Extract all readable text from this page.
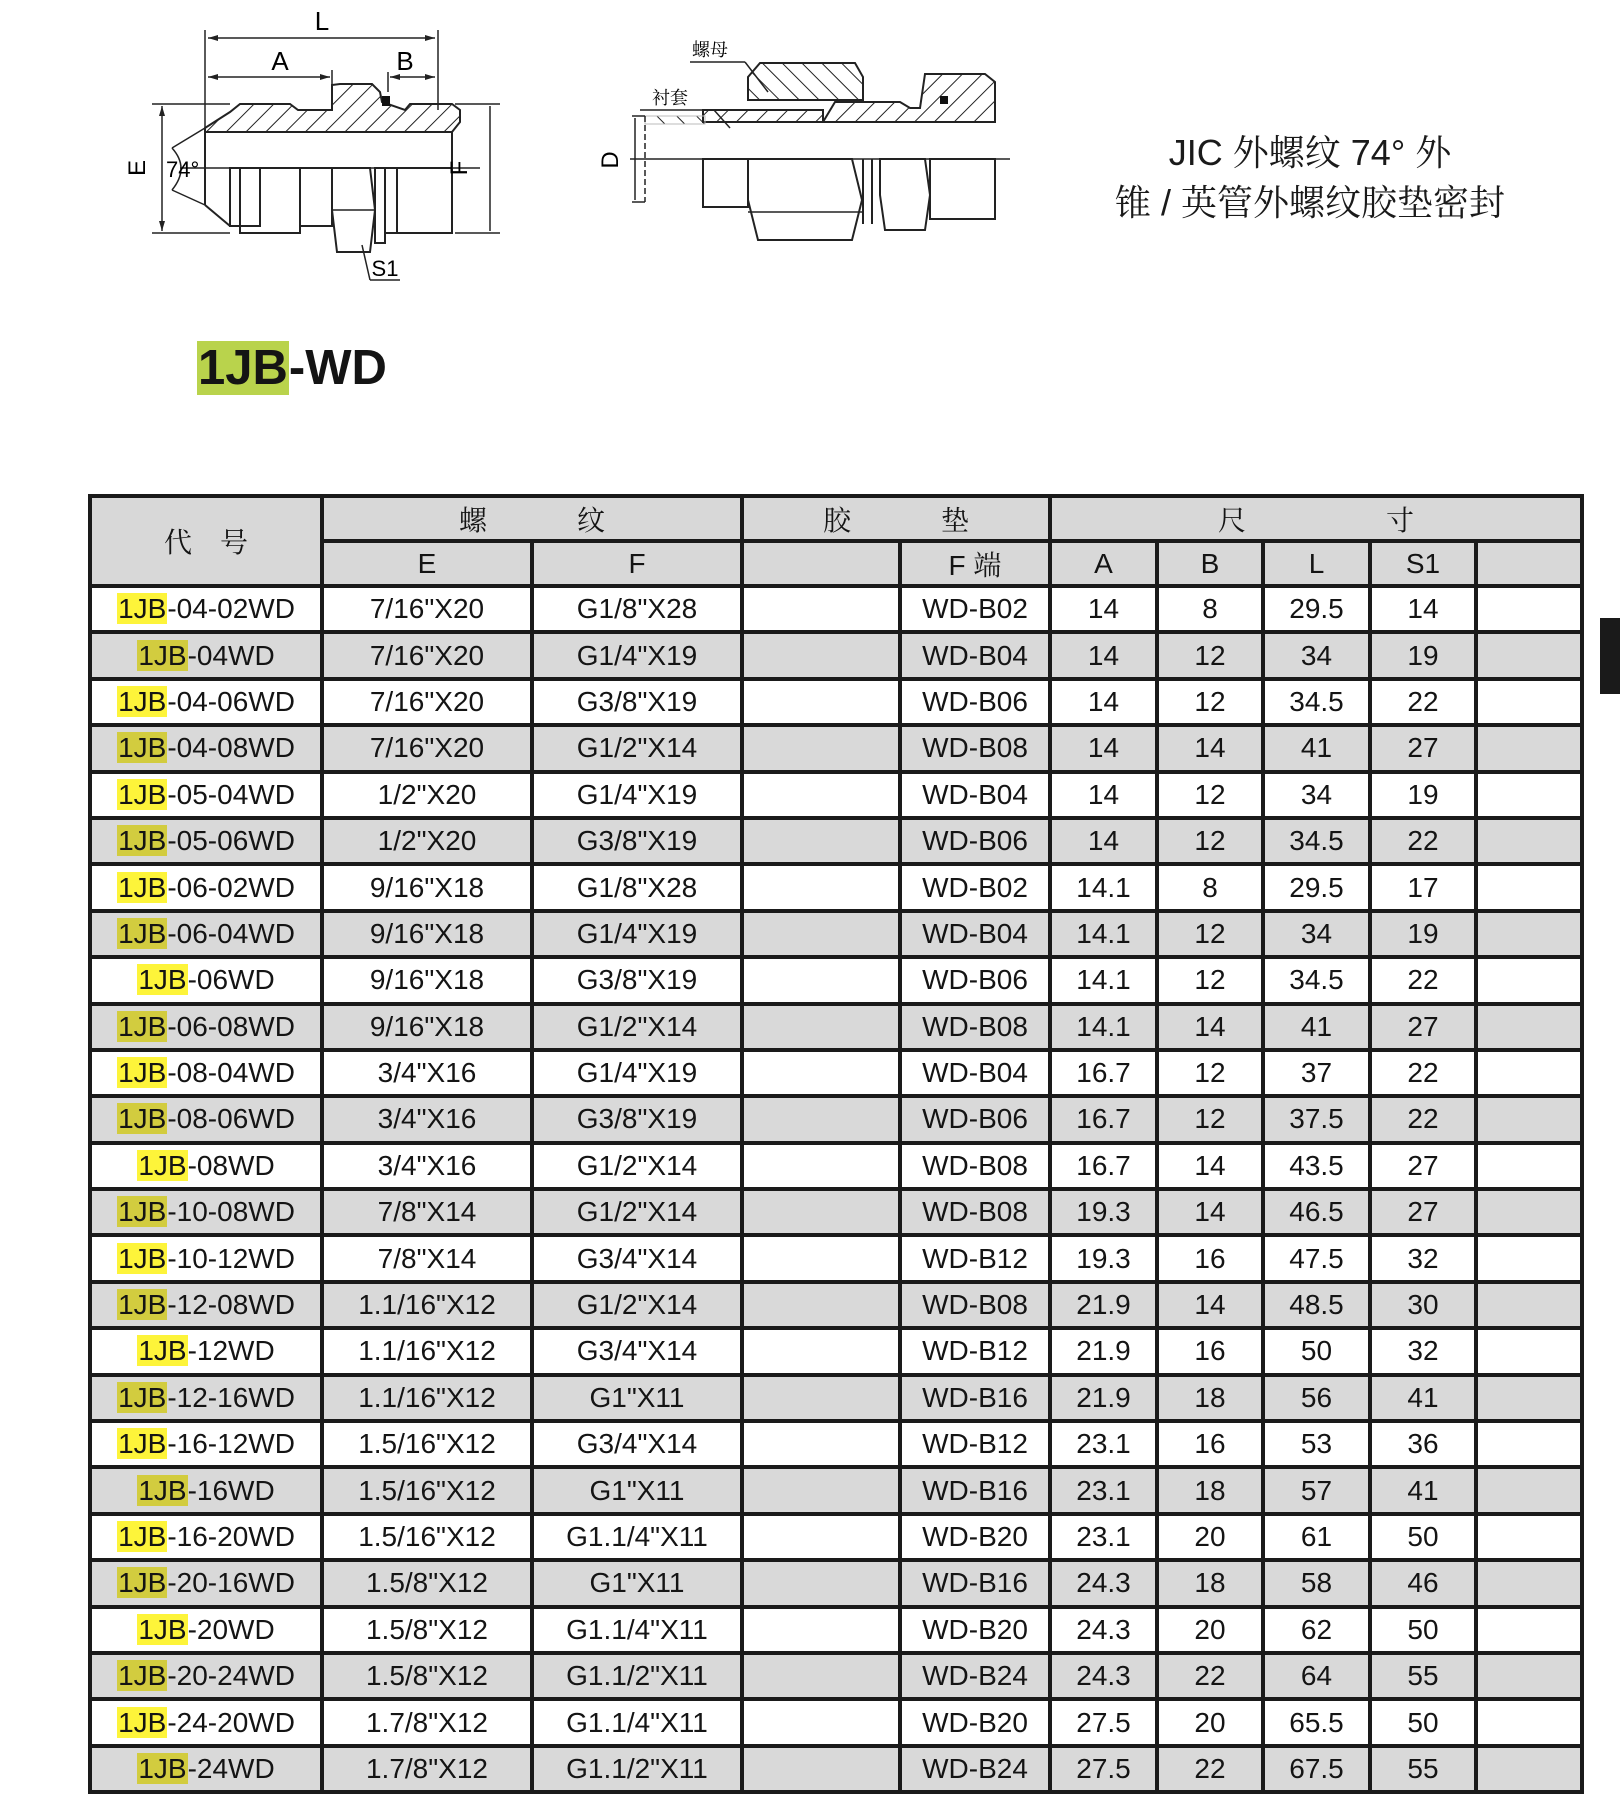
L
A	B
E	F
74°
S1
螺母
衬套
D	JIC 外螺纹 74° 外
锥 / 英管外螺纹胶垫密封
1JB-WD
代　号	螺 纹		胶 垫		尺 寸				
	E	F		F 端	A	B	L	S1	
1JB-04-02WD	7/16"X20	G1/8"X28		WD-B02	14	8	29.5	14	
1JB-04WD	7/16"X20	G1/4"X19		WD-B04	14	12	34	19	
1JB-04-06WD	7/16"X20	G3/8"X19		WD-B06	14	12	34.5	22	
1JB-04-08WD	7/16"X20	G1/2"X14		WD-B08	14	14	41	27	
1JB-05-04WD	1/2"X20	G1/4"X19		WD-B04	14	12	34	19	
1JB-05-06WD	1/2"X20	G3/8"X19		WD-B06	14	12	34.5	22	
1JB-06-02WD	9/16"X18	G1/8"X28		WD-B02	14.1	8	29.5	17	
1JB-06-04WD	9/16"X18	G1/4"X19		WD-B04	14.1	12	34	19	
1JB-06WD	9/16"X18	G3/8"X19		WD-B06	14.1	12	34.5	22	
1JB-06-08WD	9/16"X18	G1/2"X14		WD-B08	14.1	14	41	27	
1JB-08-04WD	3/4"X16	G1/4"X19		WD-B04	16.7	12	37	22	
1JB-08-06WD	3/4"X16	G3/8"X19		WD-B06	16.7	12	37.5	22	
1JB-08WD	3/4"X16	G1/2"X14		WD-B08	16.7	14	43.5	27	
1JB-10-08WD	7/8"X14	G1/2"X14		WD-B08	19.3	14	46.5	27	
1JB-10-12WD	7/8"X14	G3/4"X14		WD-B12	19.3	16	47.5	32	
1JB-12-08WD	1.1/16"X12	G1/2"X14		WD-B08	21.9	14	48.5	30	
1JB-12WD	1.1/16"X12	G3/4"X14		WD-B12	21.9	16	50	32	
1JB-12-16WD	1.1/16"X12	G1"X11		WD-B16	21.9	18	56	41	
1JB-16-12WD	1.5/16"X12	G3/4"X14		WD-B12	23.1	16	53	36	
1JB-16WD	1.5/16"X12	G1"X11		WD-B16	23.1	18	57	41	
1JB-16-20WD	1.5/16"X12	G1.1/4"X11		WD-B20	23.1	20	61	50	
1JB-20-16WD	1.5/8"X12	G1"X11		WD-B16	24.3	18	58	46	
1JB-20WD	1.5/8"X12	G1.1/4"X11		WD-B20	24.3	20	62	50	
1JB-20-24WD	1.5/8"X12	G1.1/2"X11		WD-B24	24.3	22	64	55	
1JB-24-20WD	1.7/8"X12	G1.1/4"X11		WD-B20	27.5	20	65.5	50	
1JB-24WD	1.7/8"X12	G1.1/2"X11		WD-B24	27.5	22	67.5	55	
